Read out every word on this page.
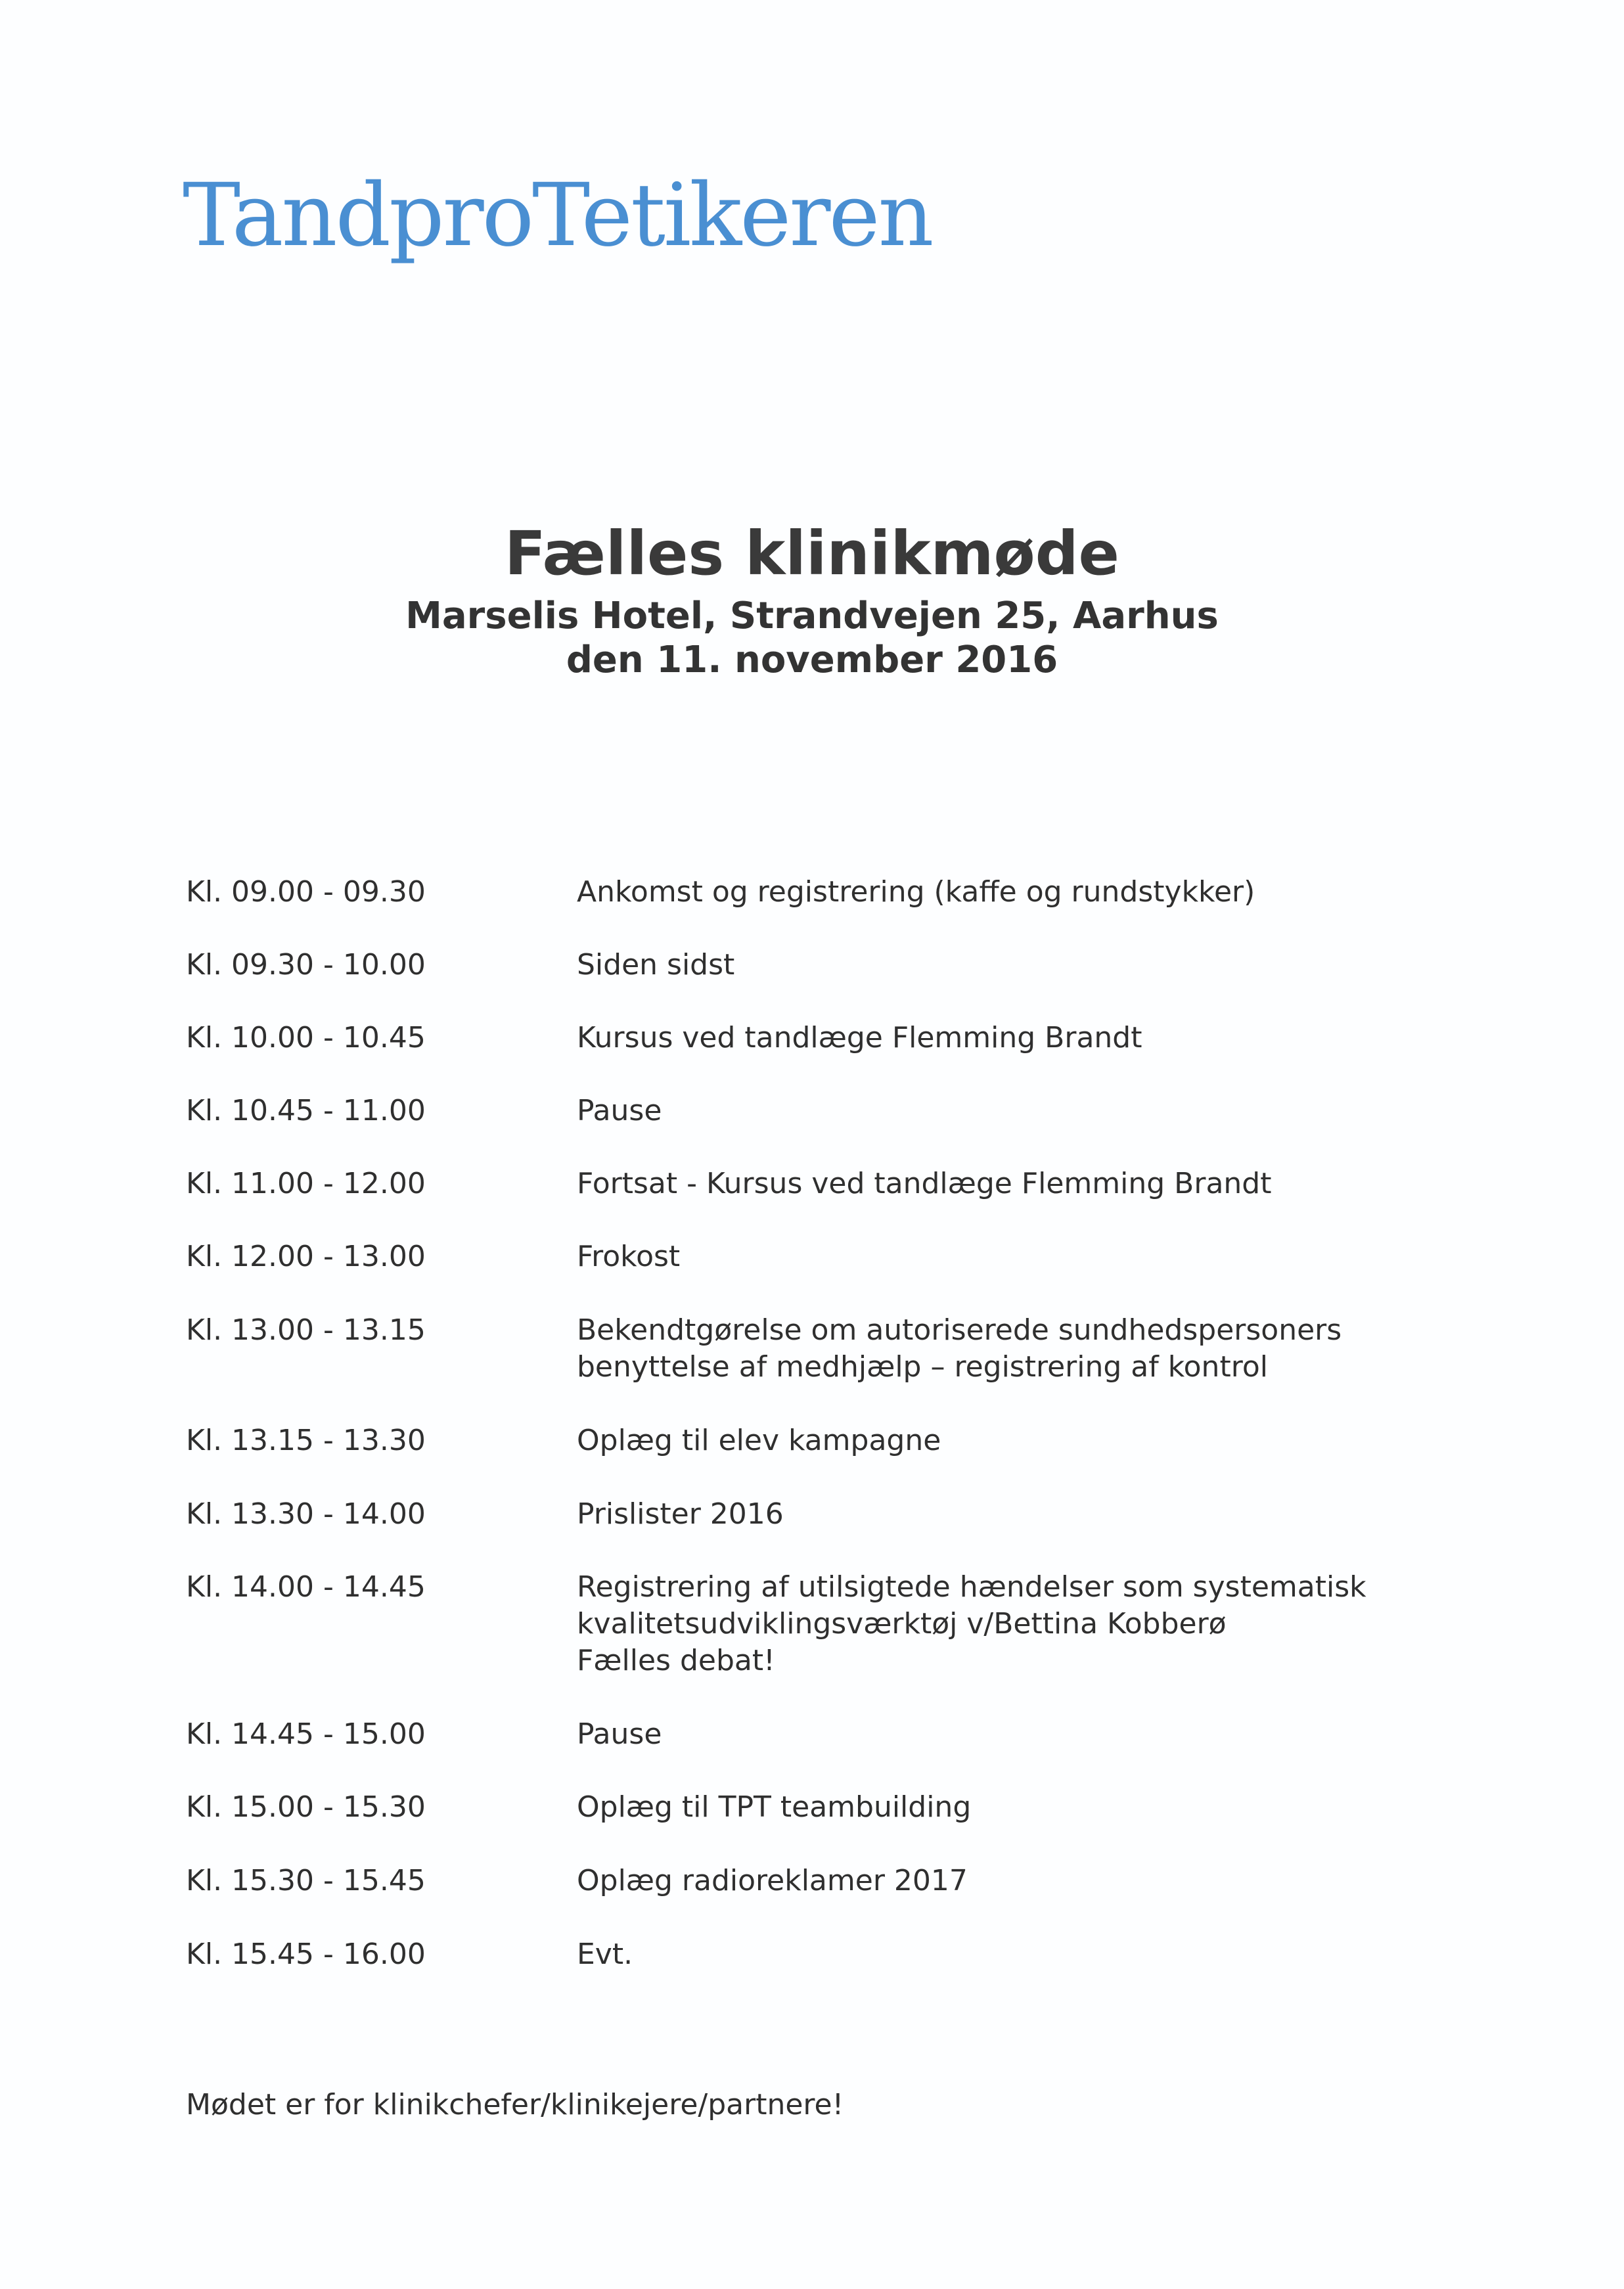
TandproTetikeren
Fælles klinikmøde
Marselis Hotel, Strandvejen 25, Aarhus
den 11. november 2016
Kl. 09.00 - 09.30	Ankomst og registrering (kaffe og rundstykker)
Kl. 09.30 - 10.00	Siden sidst
Kl. 10.00 - 10.45	Kursus ved tandlæge Flemming Brandt
Kl. 10.45 - 11.00	Pause
Kl. 11.00 - 12.00	Fortsat - Kursus ved tandlæge Flemming Brandt
Kl. 12.00 - 13.00	Frokost
Kl. 13.00 - 13.15	Bekendtgørelse om autoriserede sundhedspersoners
benyttelse af medhjælp – registrering af kontrol
Kl. 13.15 - 13.30	Oplæg til elev kampagne
Kl. 13.30 - 14.00	Prislister 2016
Kl. 14.00 - 14.45	Registrering af utilsigtede hændelser som systematisk
kvalitetsudviklingsværktøj v/Bettina Kobberø
Fælles debat!
Kl. 14.45 - 15.00	Pause
Kl. 15.00 - 15.30	Oplæg til TPT teambuilding
Kl. 15.30 - 15.45	Oplæg radioreklamer 2017
Kl. 15.45 - 16.00	Evt.
Mødet er for klinikchefer/klinikejere/partnere!
